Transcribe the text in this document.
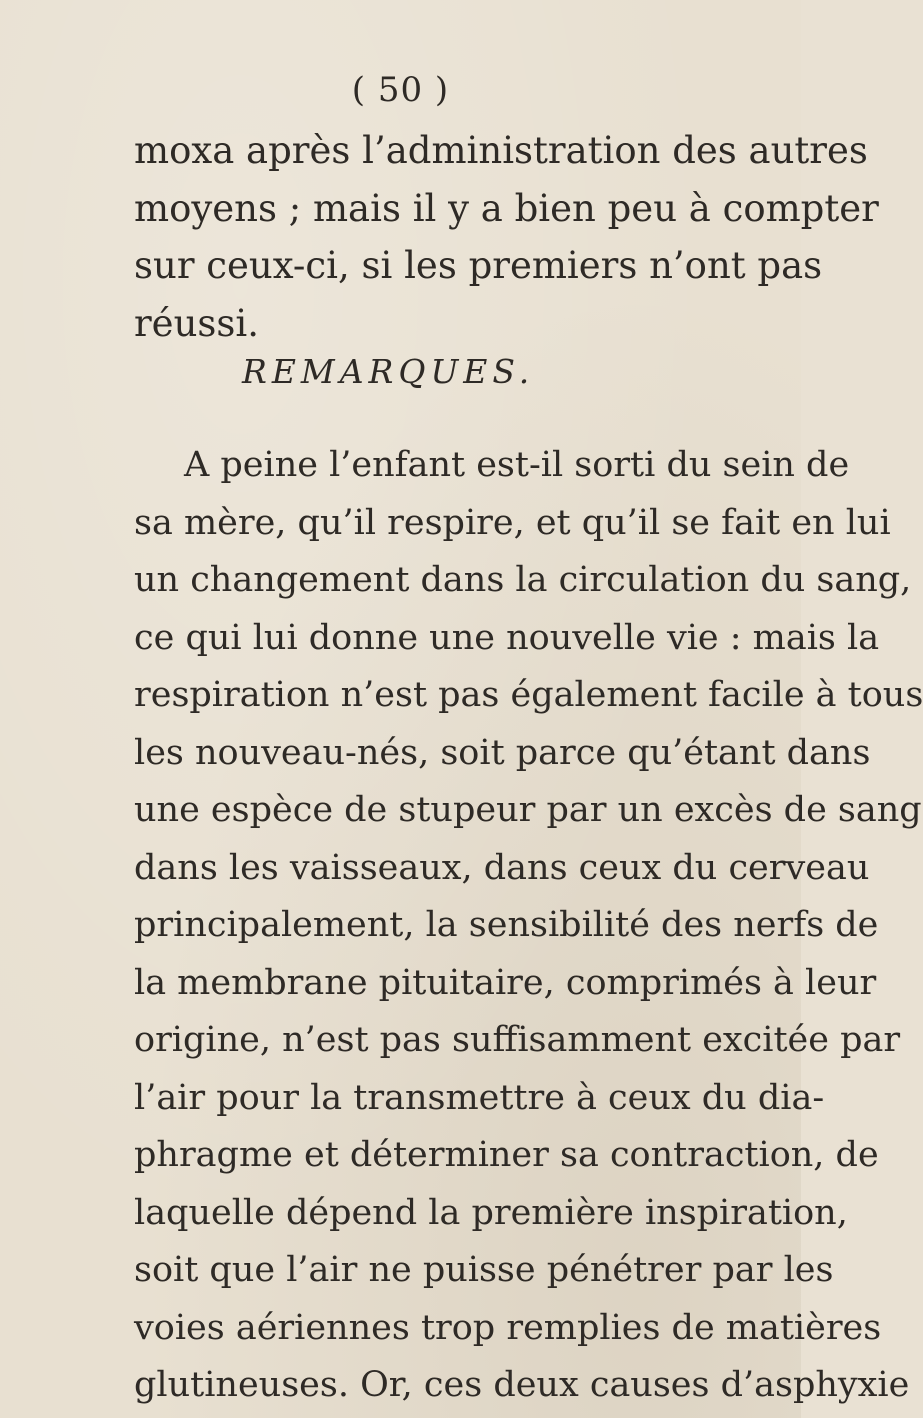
( 50 )

moxa après l’administration des autres
moyens ; mais il y a bien peu à compter
sur ceux-ci, si les premiers n’ont pas
réussi.

REMARQUES.

A peine l’enfant est-il sorti du sein de
sa mère, qu’il respire, et qu’il se fait en lui
un changement dans la circulation du sang,
ce qui lui donne une nouvelle vie : mais la
respiration n’est pas également facile à tous
les nouveau-nés, soit parce qu’étant dans
une espèce de stupeur par un excès de sang
dans les vaisseaux, dans ceux du cerveau
principalement, la sensibilité des nerfs de
la membrane pituitaire, comprimés à leur
origine, n’est pas suffisamment excitée par
l’air pour la transmettre à ceux du dia-
phragme et déterminer sa contraction, de
laquelle dépend la première inspiration,
soit que l’air ne puisse pénétrer par les
voies aériennes trop remplies de matières
glutineuses. Or, ces deux causes d’asphyxie
